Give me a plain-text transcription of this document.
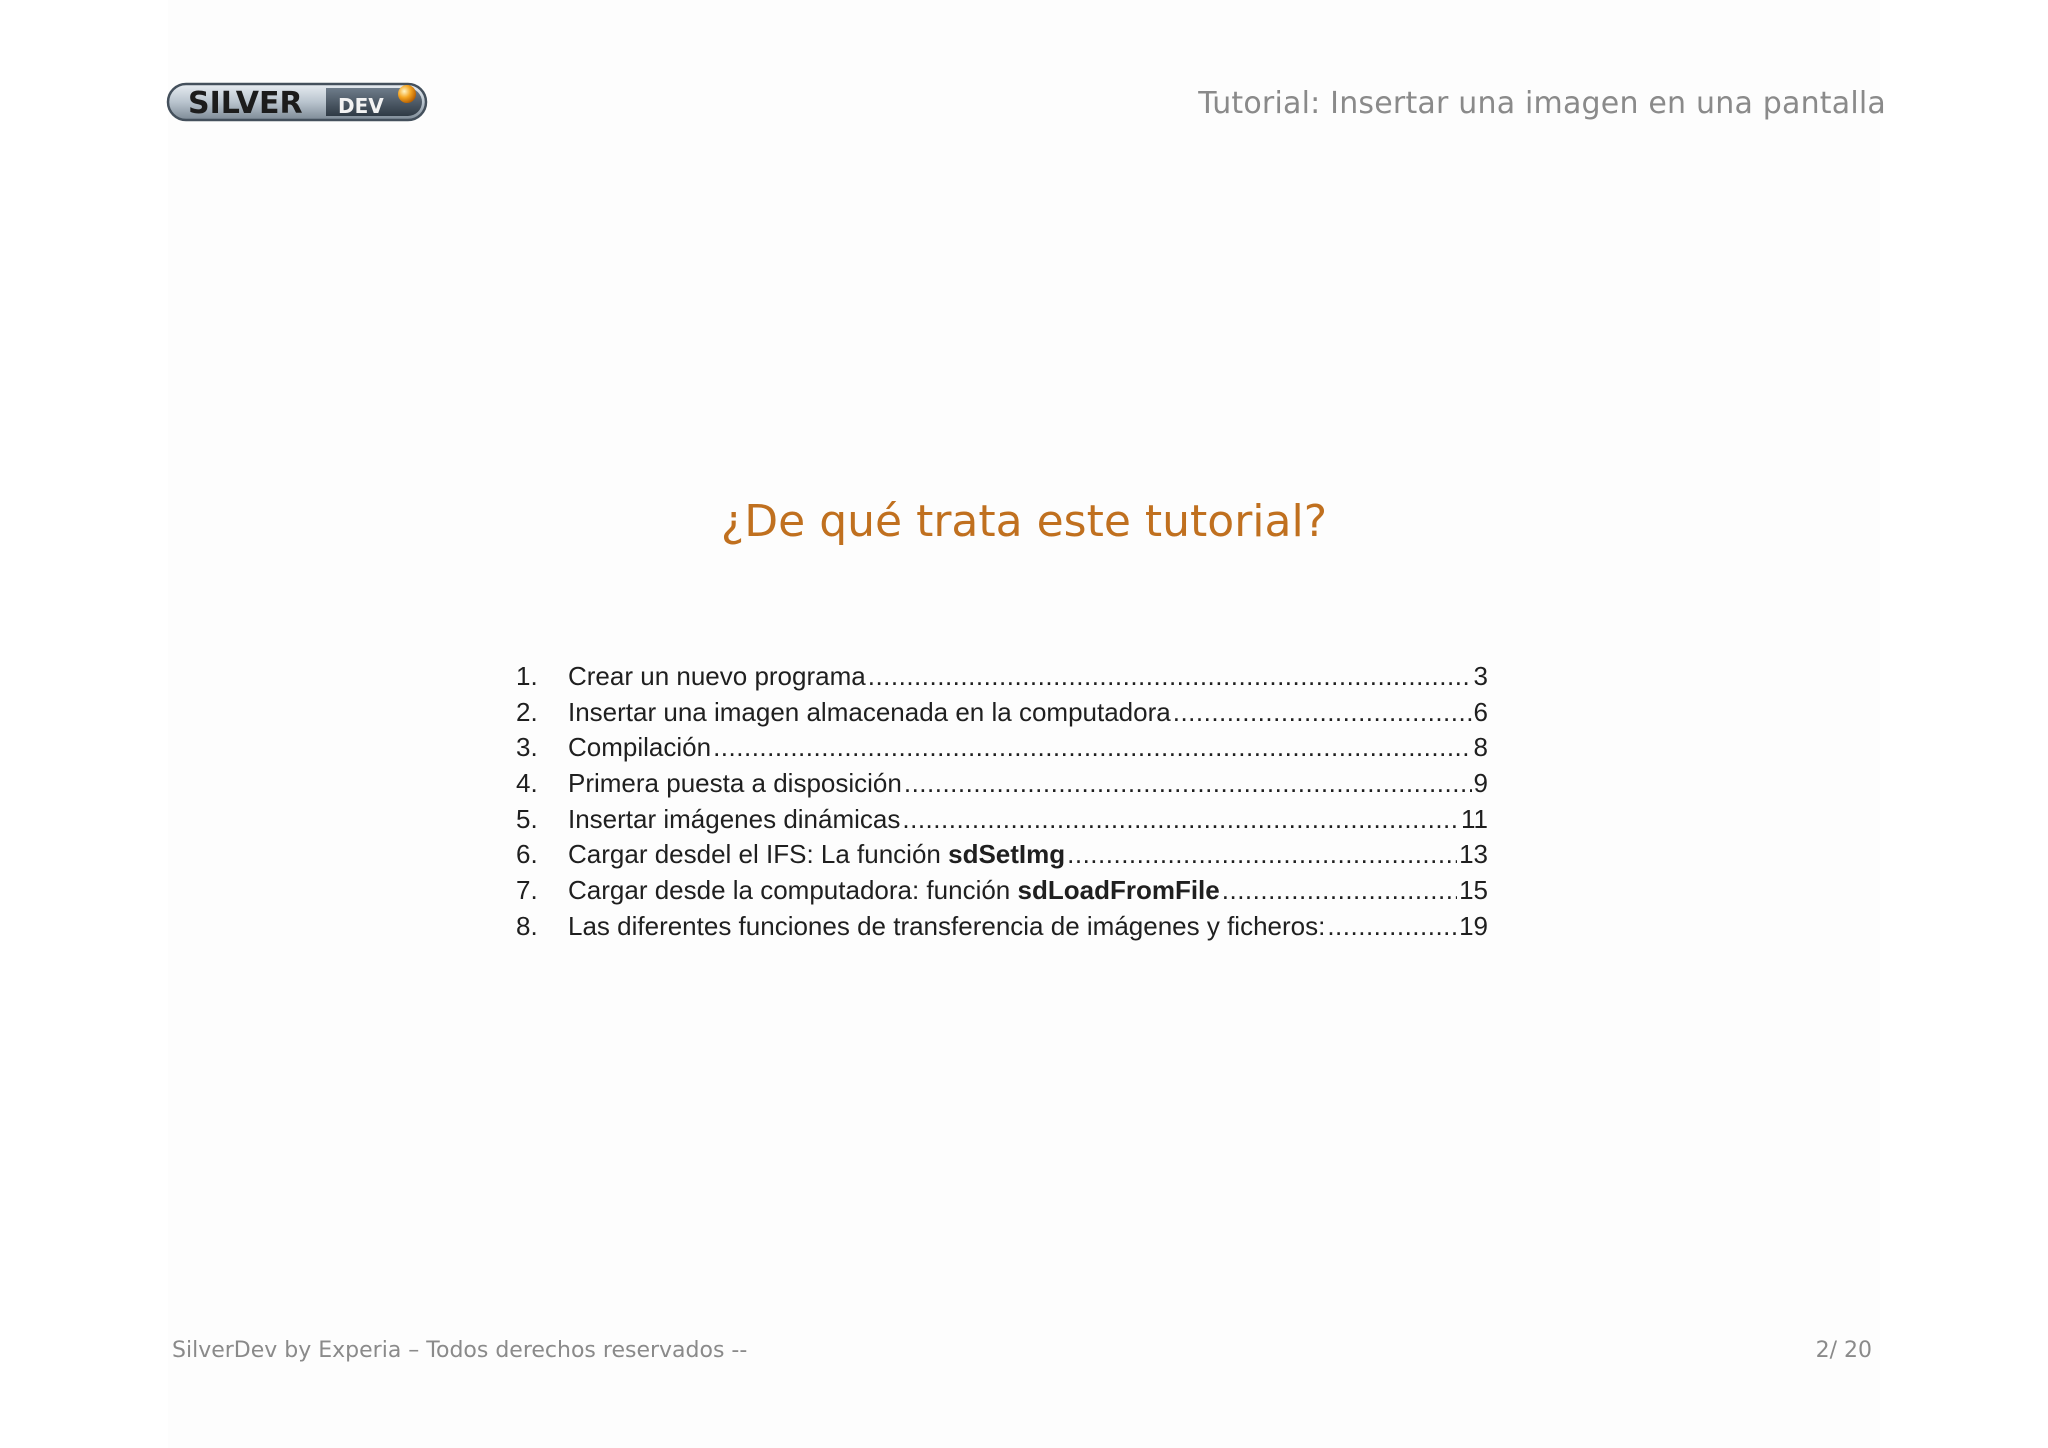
SILVER DEV	Tutorial: Insertar una imagen en una pantalla
¿De qué trata este tutorial?
1.	Crear un nuevo programa .....	3
2.	Insertar una imagen almacenada en la computadora .....	6
3.	Compilación .....	8
4.	Primera puesta a disposición .....	9
5.	Insertar imágenes dinámicas .....	11
6.	Cargar desdel el IFS: La función sdSetImg .....	13
7.	Cargar desde la computadora: función sdLoadFromFile .....	15
8.	Las diferentes funciones de transferencia de imágenes y ficheros: .....	19
SilverDev by Experia – Todos derechos reservados --	2/ 20
